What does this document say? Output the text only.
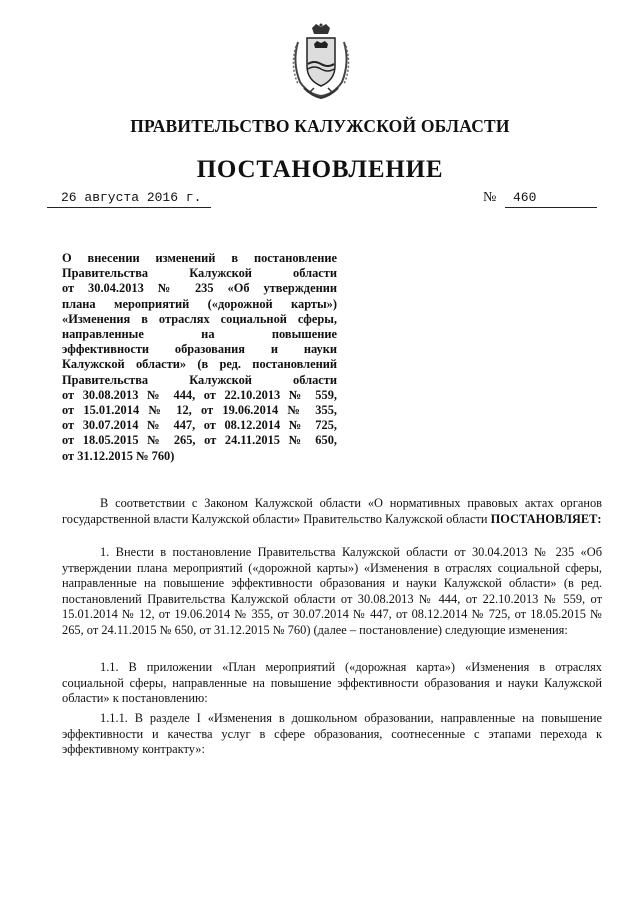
ПРАВИТЕЛЬСТВО КАЛУЖСКОЙ ОБЛАСТИ
ПОСТАНОВЛЕНИЕ
26 августа 2016 г.	№	460
О внесении изменений в постановление
Правительства Калужской области
от 30.04.2013 № 235 «Об утверждении
плана мероприятий («дорожной карты»)
«Изменения в отраслях социальной сферы,
направленные на повышение
эффективности образования и науки
Калужской области» (в ред. постановлений
Правительства Калужской области
от 30.08.2013 № 444, от 22.10.2013 № 559,
от 15.01.2014 № 12, от 19.06.2014 № 355,
от 30.07.2014 № 447, от 08.12.2014 № 725,
от 18.05.2015 № 265, от 24.11.2015 № 650,
от 31.12.2015 № 760)
В соответствии с Законом Калужской области «О нормативных правовых актах органов государственной власти Калужской области» Правительство Калужской области ПОСТАНОВЛЯЕТ:
1. Внести в постановление Правительства Калужской области от 30.04.2013 № 235 «Об утверждении плана мероприятий («дорожной карты») «Изменения в отраслях социальной сферы, направленные на повышение эффективности образования и науки Калужской области» (в ред. постановлений Правительства Калужской области от 30.08.2013 № 444, от 22.10.2013 № 559, от 15.01.2014 № 12, от 19.06.2014 № 355, от 30.07.2014 № 447, от 08.12.2014 № 725, от 18.05.2015 № 265, от 24.11.2015 № 650, от 31.12.2015 № 760) (далее – постановление) следующие изменения:
1.1. В приложении «План мероприятий («дорожная карта») «Изменения в отраслях социальной сферы, направленные на повышение эффективности образования и науки Калужской области» к постановлению:
1.1.1. В разделе I «Изменения в дошкольном образовании, направленные на повышение эффективности и качества услуг в сфере образования, соотнесенные с этапами перехода к эффективному контракту»:
